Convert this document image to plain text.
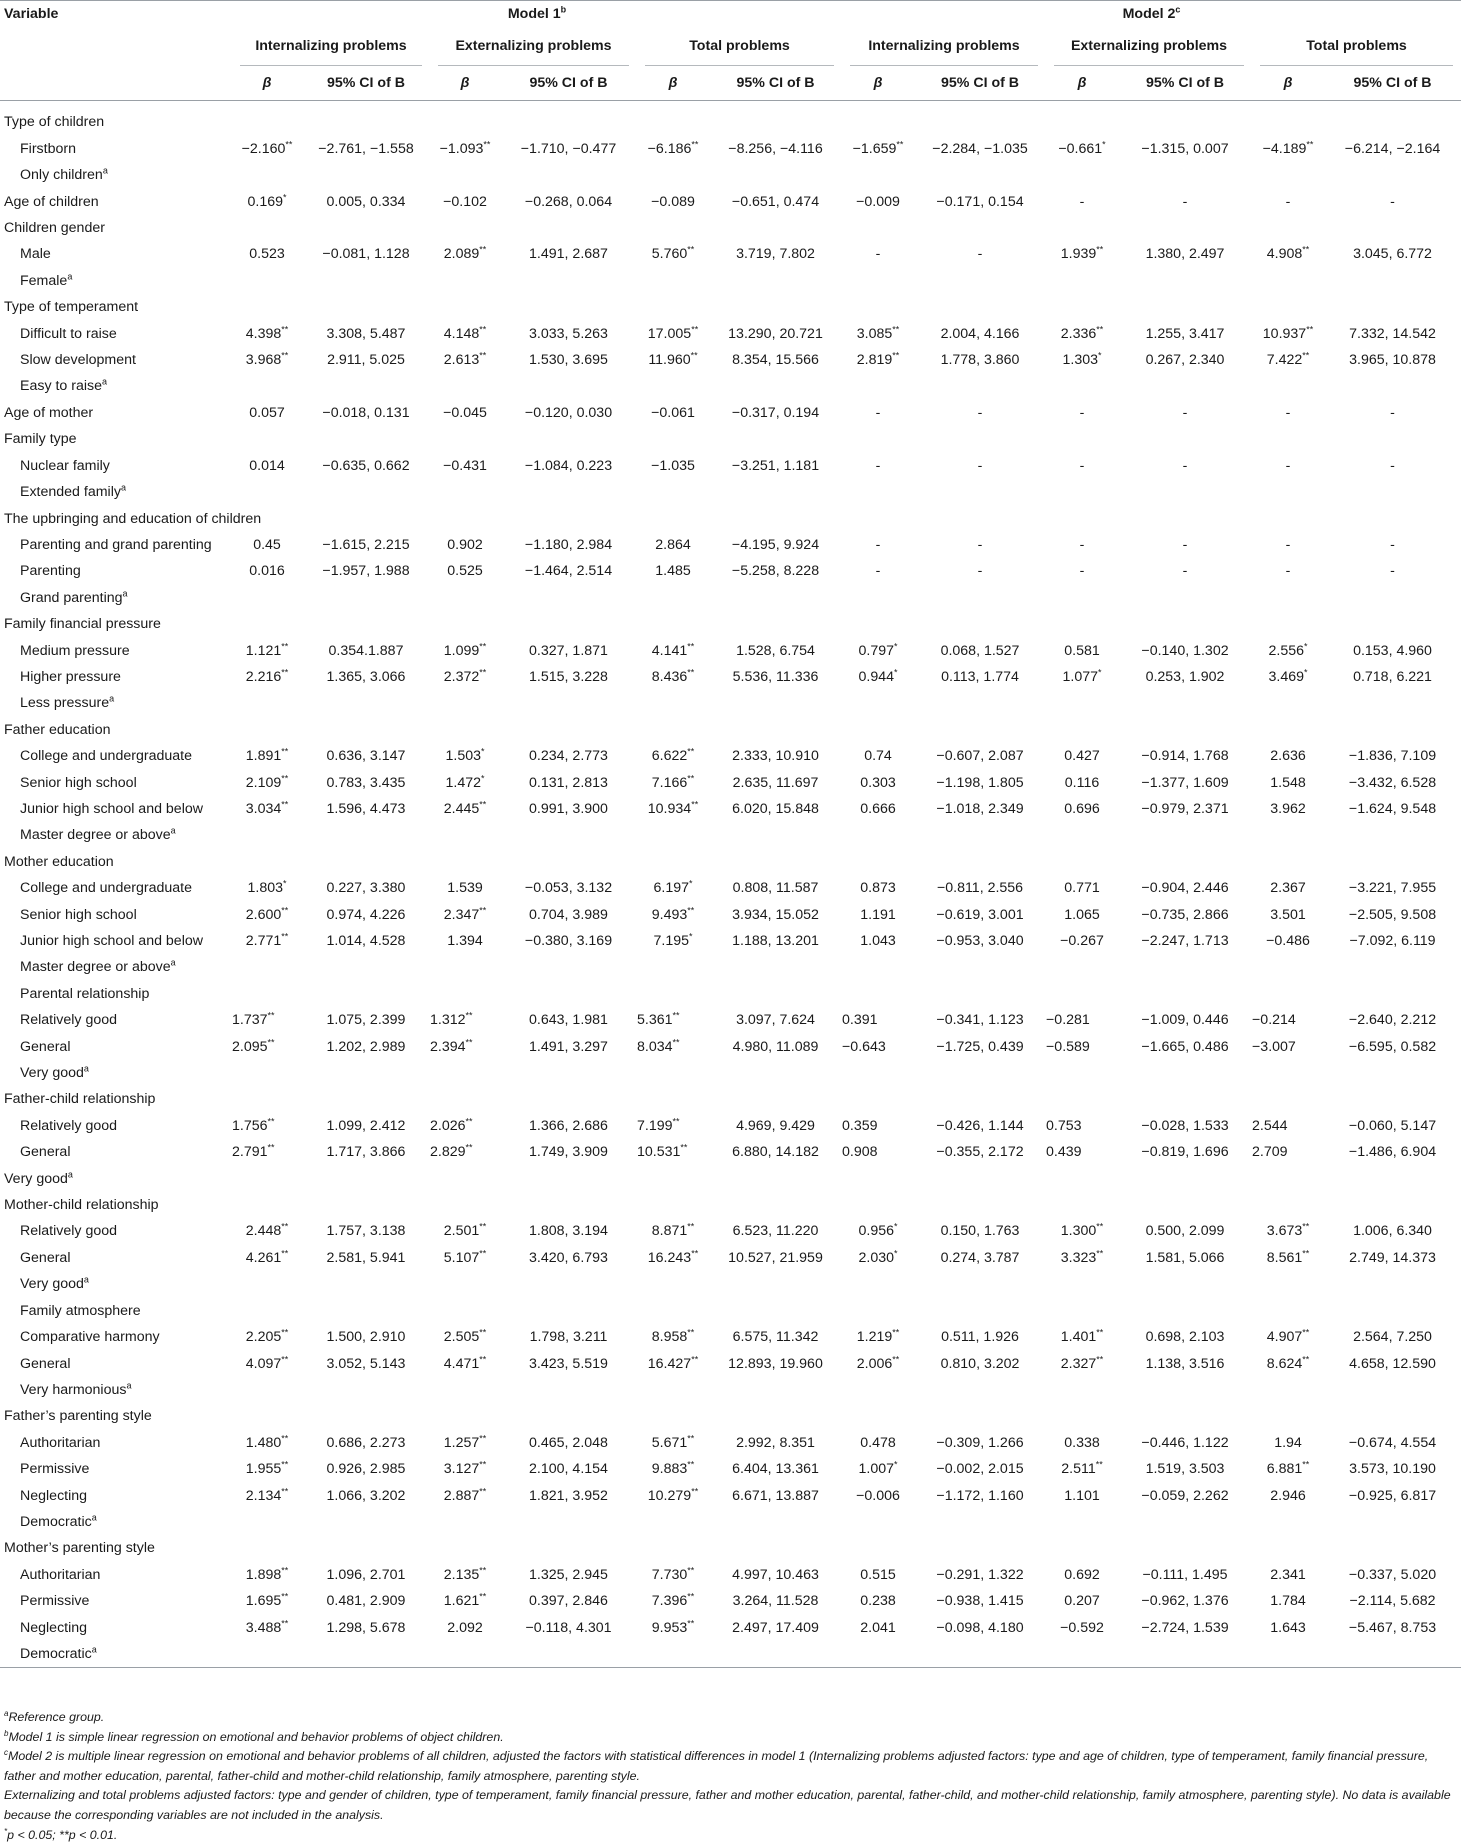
Variable	Model 1$^b$						Model 2$^c$

	Internalizing problems		Externalizing problems		Total problems		Internalizing problems		Externalizing problems		Total problems	

	β	95% CI of B	β	95% CI of B	β	95% CI of B	β	95% CI of B	β	95% CI of B	β	95% CI of B

Type of children												
Firstborn	−2.160**	−2.761, −1.558	−1.093**	−1.710, −0.477	−6.186**	−8.256, −4.116	−1.659**	−2.284, −1.035	−0.661*	−1.315, 0.007	−4.189**	−6.214, −2.164
Only children$^a$												
Age of children	0.169*	0.005, 0.334	−0.102	−0.268, 0.064	−0.089	−0.651, 0.474	−0.009	−0.171, 0.154	-	-	-	-
Children gender												
Male	0.523	−0.081, 1.128	2.089**	1.491, 2.687	5.760**	3.719, 7.802	-	-	1.939**	1.380, 2.497	4.908**	3.045, 6.772
Female$^a$												
Type of temperament												
Difficult to raise	4.398**	3.308, 5.487	4.148**	3.033, 5.263	17.005**	13.290, 20.721	3.085**	2.004, 4.166	2.336**	1.255, 3.417	10.937**	7.332, 14.542
Slow development	3.968**	2.911, 5.025	2.613**	1.530, 3.695	11.960**	8.354, 15.566	2.819**	1.778, 3.860	1.303*	0.267, 2.340	7.422**	3.965, 10.878
Easy to raise$^a$												
Age of mother	0.057	−0.018, 0.131	−0.045	−0.120, 0.030	−0.061	−0.317, 0.194	-	-	-	-	-	-
Family type												
Nuclear family	0.014	−0.635, 0.662	−0.431	−1.084, 0.223	−1.035	−3.251, 1.181	-	-	-	-	-	-
Extended family$^a$												
The upbringing and education of children												
Parenting and grand parenting	0.45	−1.615, 2.215	0.902	−1.180, 2.984	2.864	−4.195, 9.924	-	-	-	-	-	-
Parenting	0.016	−1.957, 1.988	0.525	−1.464, 2.514	1.485	−5.258, 8.228	-	-	-	-	-	-
Grand parenting$^a$												
Family financial pressure												
Medium pressure	1.121**	0.354.1.887	1.099**	0.327, 1.871	4.141**	1.528, 6.754	0.797*	0.068, 1.527	0.581	−0.140, 1.302	2.556*	0.153, 4.960
Higher pressure	2.216**	1.365, 3.066	2.372**	1.515, 3.228	8.436**	5.536, 11.336	0.944*	0.113, 1.774	1.077*	0.253, 1.902	3.469*	0.718, 6.221
Less pressure$^a$												
Father education												
College and undergraduate	1.891**	0.636, 3.147	1.503*	0.234, 2.773	6.622**	2.333, 10.910	0.74	−0.607, 2.087	0.427	−0.914, 1.768	2.636	−1.836, 7.109
Senior high school	2.109**	0.783, 3.435	1.472*	0.131, 2.813	7.166**	2.635, 11.697	0.303	−1.198, 1.805	0.116	−1.377, 1.609	1.548	−3.432, 6.528
Junior high school and below	3.034**	1.596, 4.473	2.445**	0.991, 3.900	10.934**	6.020, 15.848	0.666	−1.018, 2.349	0.696	−0.979, 2.371	3.962	−1.624, 9.548
Master degree or above$^a$												
Mother education												
College and undergraduate	1.803*	0.227, 3.380	1.539	−0.053, 3.132	6.197*	0.808, 11.587	0.873	−0.811, 2.556	0.771	−0.904, 2.446	2.367	−3.221, 7.955
Senior high school	2.600**	0.974, 4.226	2.347**	0.704, 3.989	9.493**	3.934, 15.052	1.191	−0.619, 3.001	1.065	−0.735, 2.866	3.501	−2.505, 9.508
Junior high school and below	2.771**	1.014, 4.528	1.394	−0.380, 3.169	7.195*	1.188, 13.201	1.043	−0.953, 3.040	−0.267	−2.247, 1.713	−0.486	−7.092, 6.119
Master degree or above$^a$												
Parental relationship												
Relatively good	1.737**	1.075, 2.399	1.312**	0.643, 1.981	5.361**	3.097, 7.624	0.391	−0.341, 1.123	−0.281	−1.009, 0.446	−0.214	−2.640, 2.212
General	2.095**	1.202, 2.989	2.394**	1.491, 3.297	8.034**	4.980, 11.089	−0.643	−1.725, 0.439	−0.589	−1.665, 0.486	−3.007	−6.595, 0.582
Very good$^a$												
Father-child relationship												
Relatively good	1.756**	1.099, 2.412	2.026**	1.366, 2.686	7.199**	4.969, 9.429	0.359	−0.426, 1.144	0.753	−0.028, 1.533	2.544	−0.060, 5.147
General	2.791**	1.717, 3.866	2.829**	1.749, 3.909	10.531**	6.880, 14.182	0.908	−0.355, 2.172	0.439	−0.819, 1.696	2.709	−1.486, 6.904
Very good$^a$												
Mother-child relationship												
Relatively good	2.448**	1.757, 3.138	2.501**	1.808, 3.194	8.871**	6.523, 11.220	0.956*	0.150, 1.763	1.300**	0.500, 2.099	3.673**	1.006, 6.340
General	4.261**	2.581, 5.941	5.107**	3.420, 6.793	16.243**	10.527, 21.959	2.030*	0.274, 3.787	3.323**	1.581, 5.066	8.561**	2.749, 14.373
Very good$^a$												
Family atmosphere												
Comparative harmony	2.205**	1.500, 2.910	2.505**	1.798, 3.211	8.958**	6.575, 11.342	1.219**	0.511, 1.926	1.401**	0.698, 2.103	4.907**	2.564, 7.250
General	4.097**	3.052, 5.143	4.471**	3.423, 5.519	16.427**	12.893, 19.960	2.006**	0.810, 3.202	2.327**	1.138, 3.516	8.624**	4.658, 12.590
Very harmonious$^a$												
Father’s parenting style												
Authoritarian	1.480**	0.686, 2.273	1.257**	0.465, 2.048	5.671**	2.992, 8.351	0.478	−0.309, 1.266	0.338	−0.446, 1.122	1.94	−0.674, 4.554
Permissive	1.955**	0.926, 2.985	3.127**	2.100, 4.154	9.883**	6.404, 13.361	1.007*	−0.002, 2.015	2.511**	1.519, 3.503	6.881**	3.573, 10.190
Neglecting	2.134**	1.066, 3.202	2.887**	1.821, 3.952	10.279**	6.671, 13.887	−0.006	−1.172, 1.160	1.101	−0.059, 2.262	2.946	−0.925, 6.817
Democratic$^a$												
Mother’s parenting style												
Authoritarian	1.898**	1.096, 2.701	2.135**	1.325, 2.945	7.730**	4.997, 10.463	0.515	−0.291, 1.322	0.692	−0.111, 1.495	2.341	−0.337, 5.020
Permissive	1.695**	0.481, 2.909	1.621**	0.397, 2.846	7.396**	3.264, 11.528	0.238	−0.938, 1.415	0.207	−0.962, 1.376	1.784	−2.114, 5.682
Neglecting	3.488**	1.298, 5.678	2.092	−0.118, 4.301	9.953**	2.497, 17.409	2.041	−0.098, 4.180	−0.592	−2.724, 1.539	1.643	−5.467, 8.753
Democratic$^a$												
$^a$Reference group.
$^b$Model 1 is simple linear regression on emotional and behavior problems of object children.
$^c$Model 2 is multiple linear regression on emotional and behavior problems of all children, adjusted the factors with statistical differences in model 1 (Internalizing problems adjusted factors: type and age of children, type of temperament, family financial pressure, father and mother education, parental, father-child and mother-child relationship, family atmosphere, parenting style.
Externalizing and total problems adjusted factors: type and gender of children, type of temperament, family financial pressure, father and mother education, parental, father-child, and mother-child relationship, family atmosphere, parenting style). No data is available because the corresponding variables are not included in the analysis.
*p < 0.05; **p < 0.01.
